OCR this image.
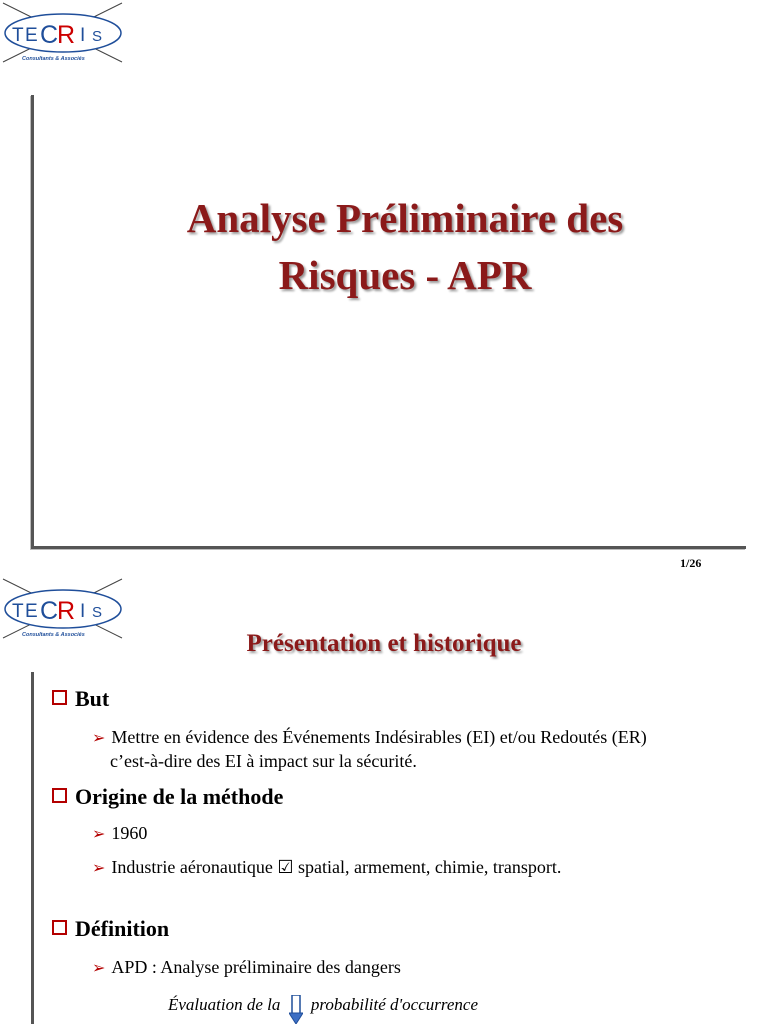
T E C
R I S
Consultants & Associés
Analyse Préliminaire des
Risques - APR
1/26
T E C
R I S
Consultants & Associés	Présentation et historique
But
➢ Mettre en évidence des Événements Indésirables (EI) et/ou Redoutés (ER)
c’est-à-dire des EI à impact sur la sécurité.
Origine de la méthode
➢ 1960
➢ Industrie aéronautique ☑ spatial, armement, chimie, transport.
Définition
➢ APD : Analyse préliminaire des dangers
Évaluation de la probabilité d'occurrence
